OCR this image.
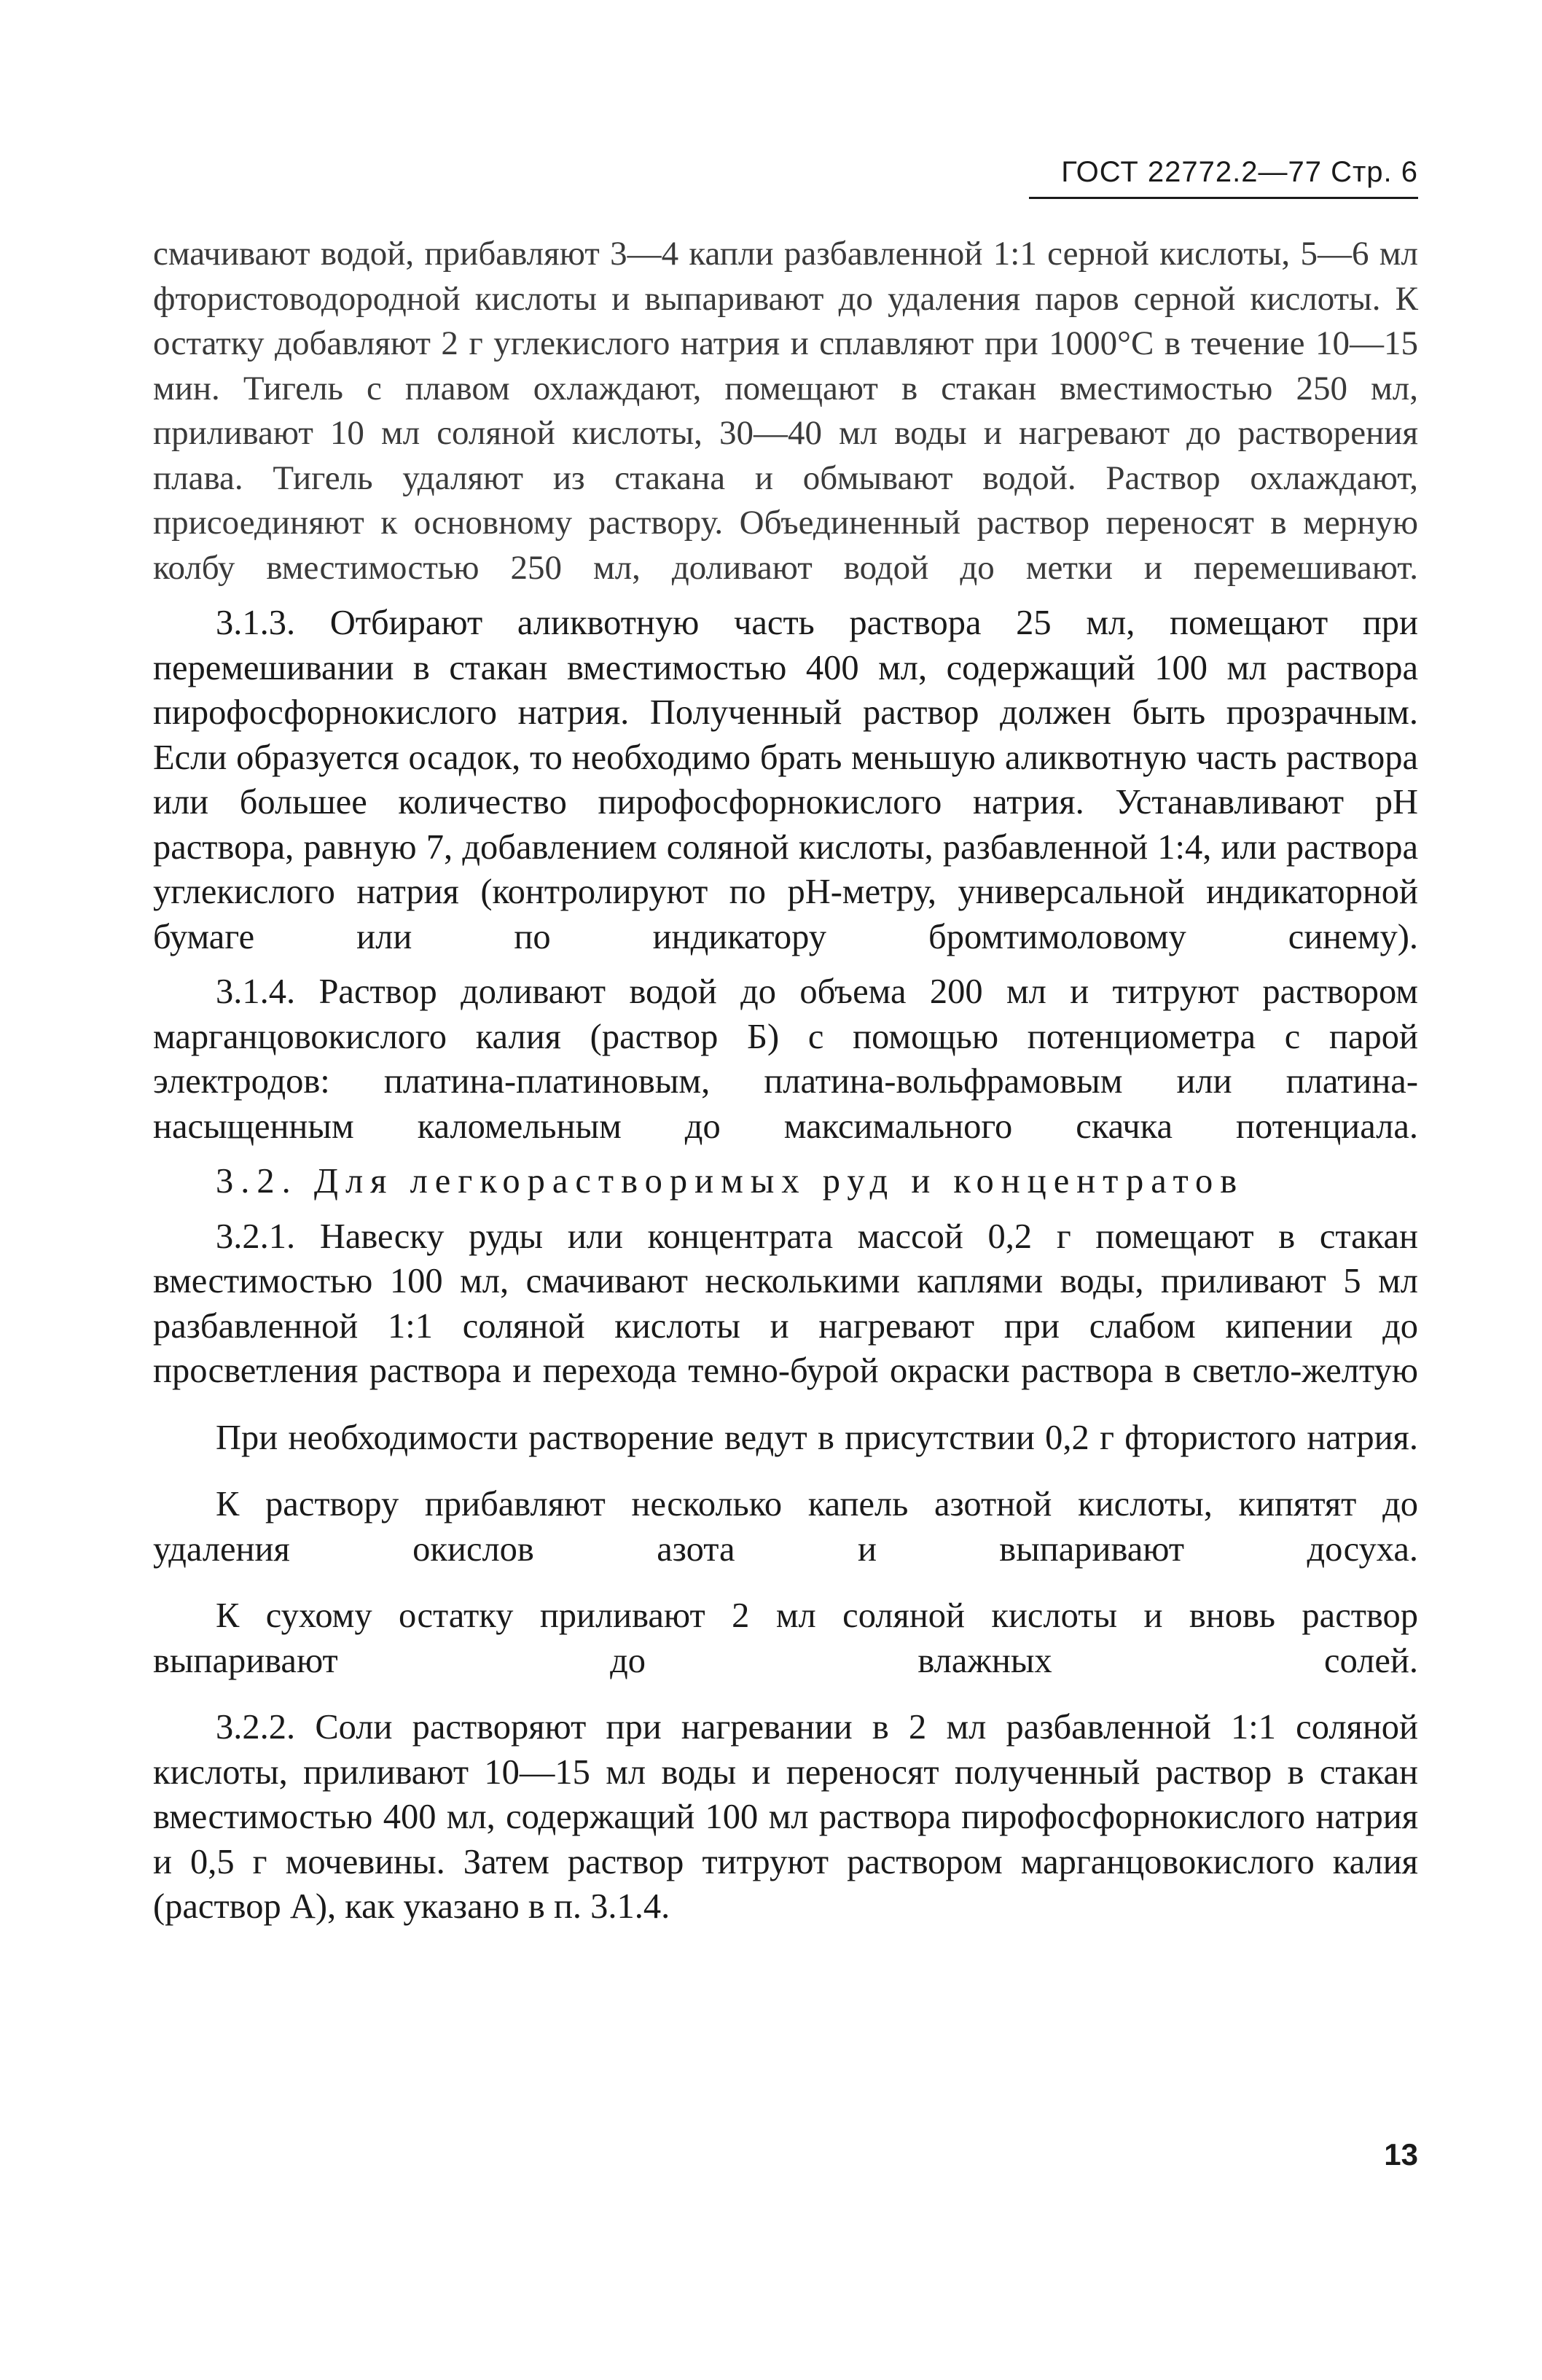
ГОСТ 22772.2—77 Стр. 6

смачивают водой, прибавляют 3—4 капли разбавленной 1:1 серной кислоты, 5—6 мл фтористоводородной кислоты и выпаривают до удаления паров серной кислоты. К остатку добавляют 2 г углекислого натрия и сплавляют при 1000°С в течение 10—15 мин. Тигель с плавом охлаждают, помещают в стакан вместимостью 250 мл, приливают 10 мл соляной кислоты, 30—40 мл воды и нагревают до растворения плава. Тигель удаляют из стакана и обмывают водой. Раствор охлаждают, присоединяют к основному раствору. Объединенный раствор переносят в мерную колбу вместимостью 250 мл, доливают водой до метки и перемешивают.

3.1.3. Отбирают аликвотную часть раствора 25 мл, помещают при перемешивании в стакан вместимостью 400 мл, содержащий 100 мл раствора пирофосфорнокислого натрия. Полученный раствор должен быть прозрачным. Если образуется осадок, то необходимо брать меньшую аликвотную часть раствора или большее количество пирофосфорнокислого натрия. Устанавливают pH раствора, равную 7, добавлением соляной кислоты, разбавленной 1:4, или раствора углекислого натрия (контролируют по pH-метру, универсальной индикаторной бумаге или по индикатору бромтимоловому синему).

3.1.4. Раствор доливают водой до объема 200 мл и титруют раствором марганцовокислого калия (раствор Б) с помощью потенциометра с парой электродов: платина-платиновым, платина-вольфрамовым или платина-насыщенным каломельным до максимального скачка потенциала.

3.2. Для легкорастворимых руд и концентратов

3.2.1. Навеску руды или концентрата массой 0,2 г помещают в стакан вместимостью 100 мл, смачивают несколькими каплями воды, приливают 5 мл разбавленной 1:1 соляной кислоты и нагревают при слабом кипении до просветления раствора и перехода темно-бурой окраски раствора в светло-желтую

При необходимости растворение ведут в присутствии 0,2 г фтористого натрия.

К раствору прибавляют несколько капель азотной кислоты, кипятят до удаления окислов азота и выпаривают досуха.

К сухому остатку приливают 2 мл соляной кислоты и вновь раствор выпаривают до влажных солей.

3.2.2. Соли растворяют при нагревании в 2 мл разбавленной 1:1 соляной кислоты, приливают 10—15 мл воды и переносят полученный раствор в стакан вместимостью 400 мл, содержащий 100 мл раствора пирофосфорнокислого натрия и 0,5 г мочевины. Затем раствор титруют раствором марганцовокислого калия (раствор А), как указано в п. 3.1.4.

13
